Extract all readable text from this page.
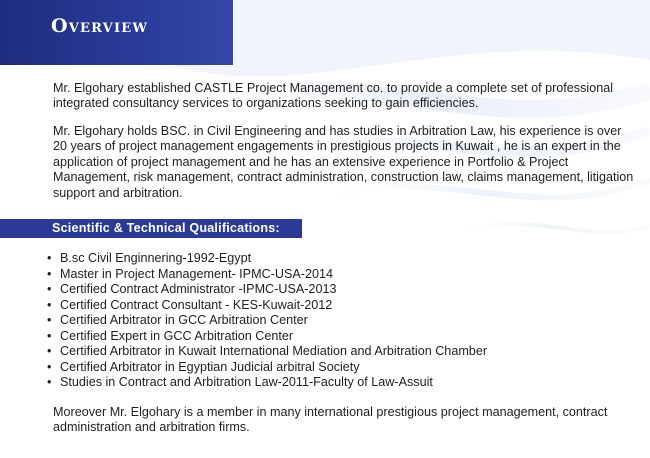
Overview

Mr. Elgohary established CASTLE Project Management co. to provide a complete set of professional integrated consultancy services to organizations seeking to gain efficiencies.

Mr. Elgohary holds BSC. in Civil Engineering and has studies in Arbitration Law, his experience is over 20 years of project management engagements in prestigious projects in Kuwait , he is an expert in the application of project management and he has an extensive experience in Portfolio & Project Management, risk management, contract administration, construction law, claims management, litigation support and arbitration.

Scientific & Technical Qualifications:
• B.sc Civil Enginnering-1992-Egypt
• Master in Project Management- IPMC-USA-2014
• Certified Contract Administrator -IPMC-USA-2013
• Certified Contract Consultant - KES-Kuwait-2012
• Certified Arbitrator in GCC Arbitration Center
• Certified Expert in GCC Arbitration Center
• Certified Arbitrator in Kuwait International Mediation and Arbitration Chamber
• Certified Arbitrator in Egyptian Judicial arbitral Society
• Studies in Contract and Arbitration Law-2011-Faculty of Law-Assuit

Moreover Mr. Elgohary is a member in many international prestigious project management, contract administration and arbitration firms.
